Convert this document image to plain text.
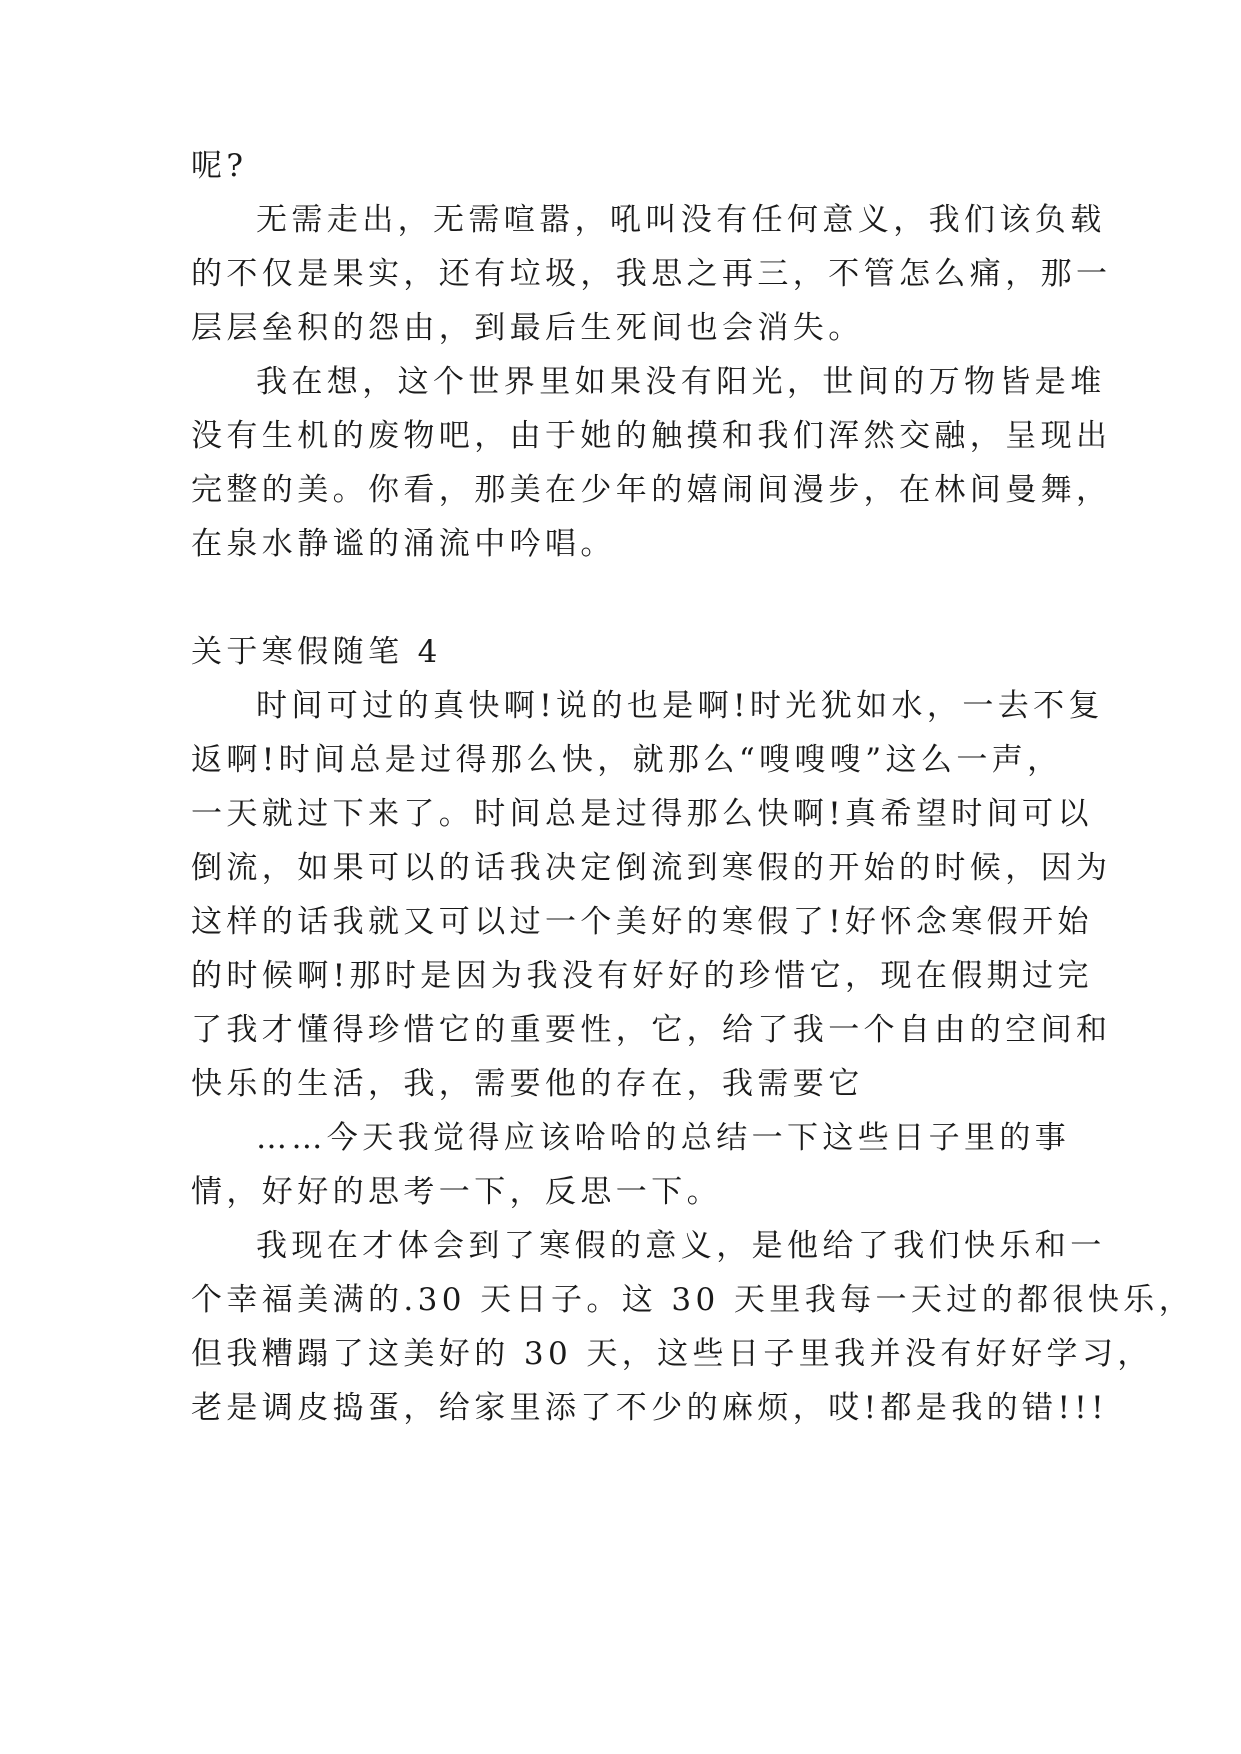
呢?
无需走出，无需喧嚣，吼叫没有任何意义，我们该负载
的不仅是果实，还有垃圾，我思之再三，不管怎么痛，那一
层层垒积的怨由，到最后生死间也会消失。
我在想，这个世界里如果没有阳光，世间的万物皆是堆
没有生机的废物吧，由于她的触摸和我们浑然交融，呈现出
完整的美。你看，那美在少年的嬉闹间漫步，在林间曼舞，
在泉水静谧的涌流中吟唱。
关于寒假随笔 4
时间可过的真快啊!说的也是啊!时光犹如水，一去不复
返啊!时间总是过得那么快，就那么“嗖嗖嗖”这么一声，
一天就过下来了。时间总是过得那么快啊!真希望时间可以
倒流，如果可以的话我决定倒流到寒假的开始的时候，因为
这样的话我就又可以过一个美好的寒假了!好怀念寒假开始
的时候啊!那时是因为我没有好好的珍惜它，现在假期过完
了我才懂得珍惜它的重要性，它，给了我一个自由的空间和
快乐的生活，我，需要他的存在，我需要它
……今天我觉得应该哈哈的总结一下这些日子里的事
情，好好的思考一下，反思一下。
我现在才体会到了寒假的意义，是他给了我们快乐和一
个幸福美满的.30 天日子。这 30 天里我每一天过的都很快乐，
但我糟蹋了这美好的 30 天，这些日子里我并没有好好学习，
老是调皮捣蛋，给家里添了不少的麻烦，哎!都是我的错!!!
